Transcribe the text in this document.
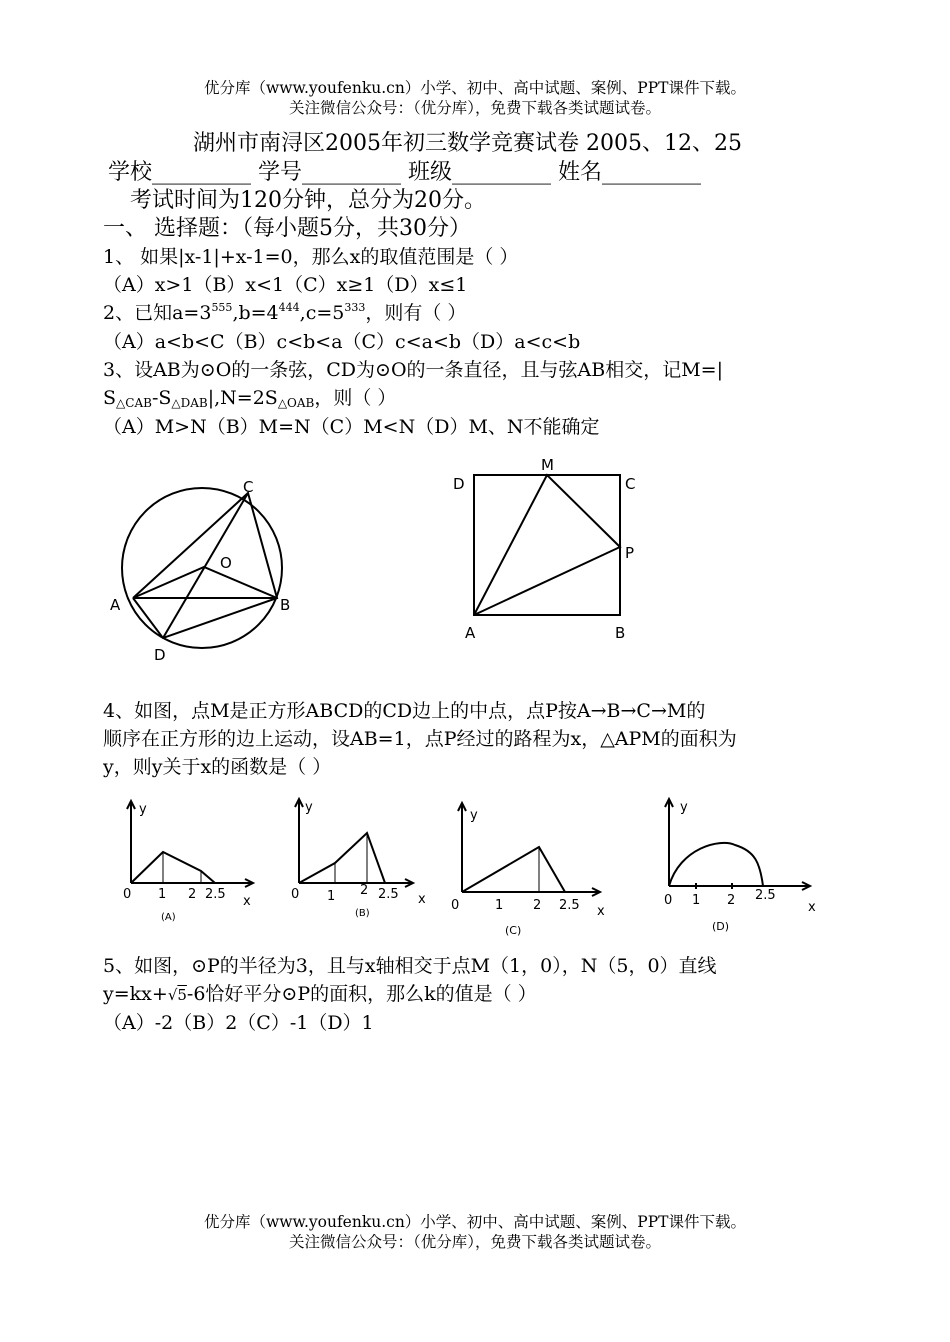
优分库（www.youfenku.cn）小学、初中、高中试题、案例、PPT课件下载。
关注微信公众号：（优分库），免费下载各类试题试卷。
湖州市南浔区2005年初三数学竞赛试卷 2005、12、25
学校_________ 学号_________ 班级_________ 姓名_________
考试时间为120分钟，总分为20分。
一、 选择题：（每小题5分，共30分）
1、 如果|x-1|+x-1=0，那么x的取值范围是（ ）
（A）x>1（B）x<1（C）x≥1（D）x≤1
2、已知$a=3^{555},b=4^{444},c=5^{333}$，则有（ ）
（A）a<b<C（B）c<b<a（C）c<a<b（D）a<c<b
3、设AB为⊙O的一条弦，CD为⊙O的一条直径，且与弦AB相交，记M=|
$S_{\triangle CAB}-S_{\triangle DAB}|,N=2S_{\triangle OAB}$，则（ ）
（A）M>N（B）M=N（C）M<N（D）M、N不能确定
C
O
A	B
D
M
D	C
P
A	B
4、如图，点M是正方形ABCD的CD边上的中点，点P按A→B→C→M的
顺序在正方形的边上运动，设AB=1，点P经过的路程为x，△APM的面积为
y，则y关于x的函数是（ ）
y
0 1 2 2.5 x
(A)
y
0 1 2 2.5 x
(B)
y
0	1 2 2.5 x
(C)
y
0 1 2 2.5
x
(D)
5、如图，⊙P的半径为3，且与x轴相交于点M（1，0），N（5，0）直线
y=kx+√5-6恰好平分⊙P的面积，那么k的值是（ ）
（A）-2（B）2（C）-1（D）1
优分库（www.youfenku.cn）小学、初中、高中试题、案例、PPT课件下载。
关注微信公众号：（优分库），免费下载各类试题试卷。
